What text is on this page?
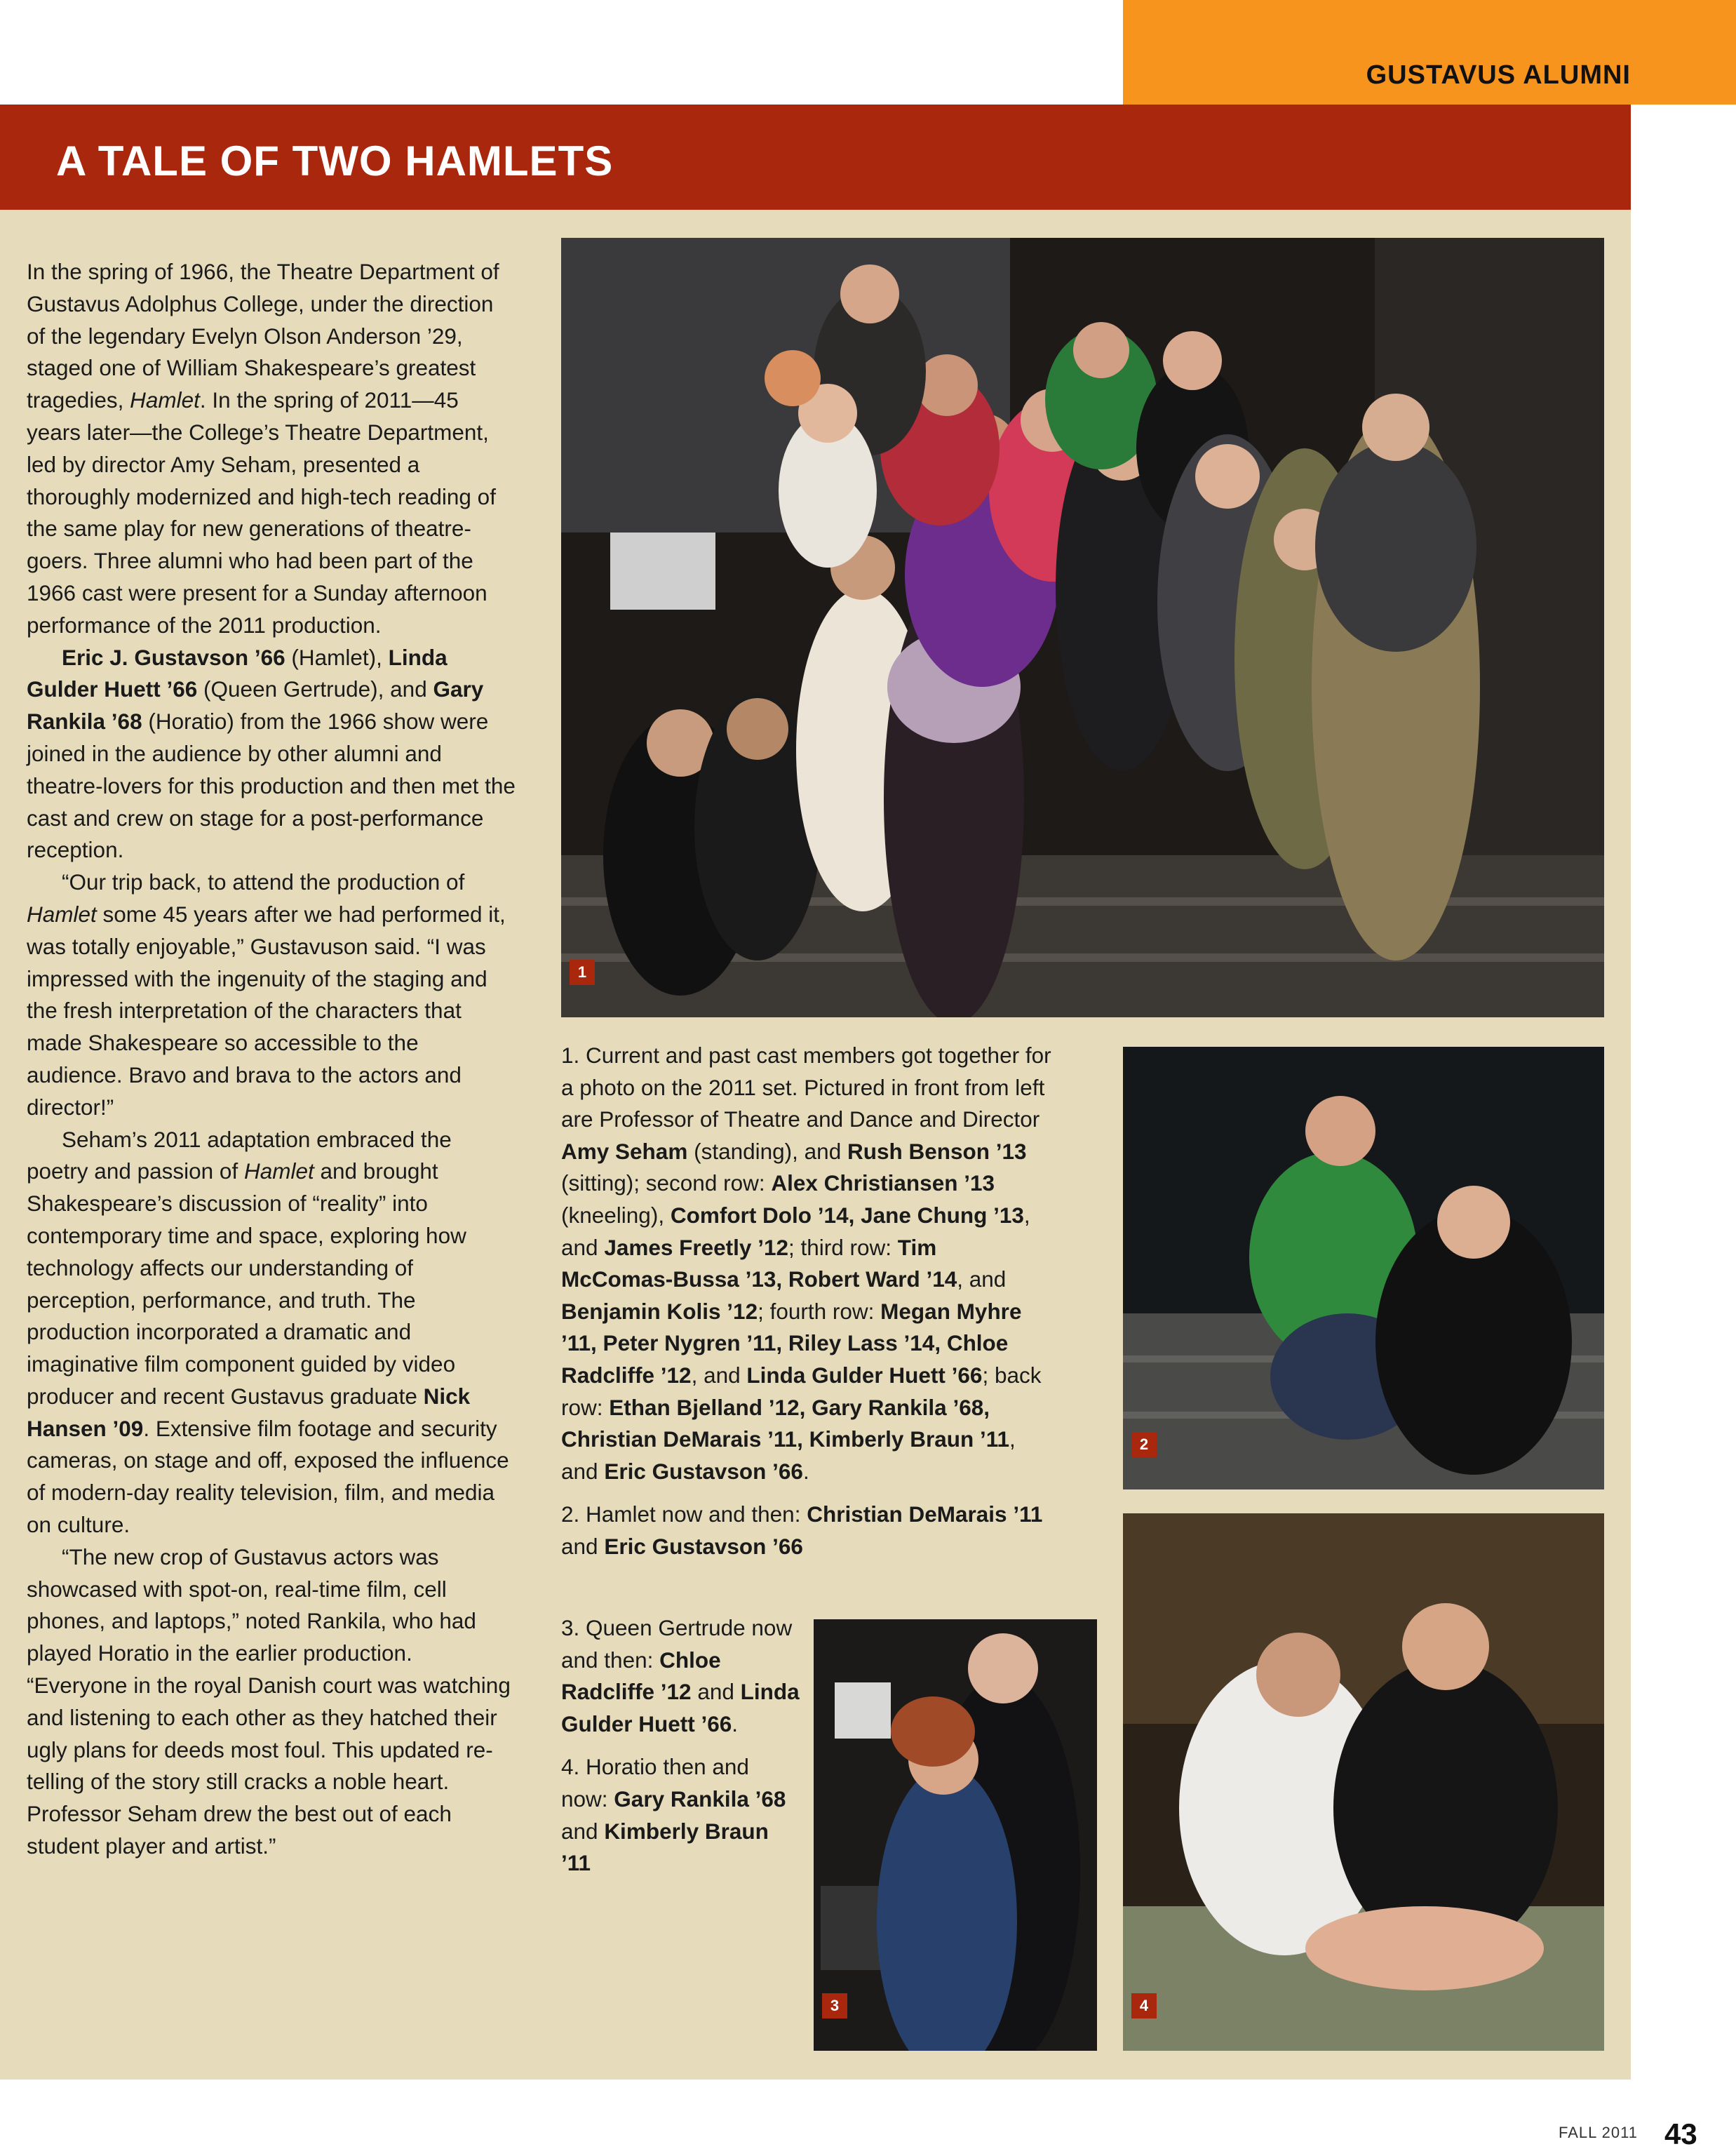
GUSTAVUS ALUMNI
A TALE OF TWO HAMLETS

In the spring of 1966, the Theatre Department of Gustavus Adolphus College, under the direction of the legendary Evelyn Olson Anderson ’29, staged one of William Shakespeare’s greatest tragedies, Hamlet. In the spring of 2011—45 years later—the College’s Theatre Department, led by director Amy Seham, presented a thoroughly modernized and high-tech reading of the same play for new generations of theatre-goers. Three alumni who had been part of the 1966 cast were present for a Sunday afternoon performance of the 2011 production.

Eric J. Gustavson ’66 (Hamlet), Linda Gulder Huett ’66 (Queen Gertrude), and Gary Rankila ’68 (Horatio) from the 1966 show were joined in the audience by other alumni and theatre-lovers for this production and then met the cast and crew on stage for a post-performance reception.

“Our trip back, to attend the production of Hamlet some 45 years after we had performed it, was totally enjoyable,” Gustavuson said. “I was impressed with the ingenuity of the staging and the fresh interpretation of the characters that made Shakespeare so accessible to the audience. Bravo and brava to the actors and director!”

Seham’s 2011 adaptation embraced the poetry and passion of Hamlet and brought Shakespeare’s discussion of “reality” into contemporary time and space, exploring how technology affects our understanding of perception, performance, and truth. The production incorporated a dramatic and imaginative film component guided by video producer and recent Gustavus graduate Nick Hansen ’09. Extensive film footage and security cameras, on stage and off, exposed the influence of modern-day reality television, film, and media on culture.

“The new crop of Gustavus actors was showcased with spot-on, real-time film, cell phones, and laptops,” noted Rankila, who had played Horatio in the earlier production. “Everyone in the royal Danish court was watching and listening to each other as they hatched their ugly plans for deeds most foul. This updated re-telling of the story still cracks a noble heart. Professor Seham drew the best out of each student player and artist.”

1
2
3	4

1. Current and past cast members got together for a photo on the 2011 set. Pictured in front from left are Professor of Theatre and Dance and Director Amy Seham (standing), and Rush Benson ’13 (sitting); second row: Alex Christiansen ’13 (kneeling), Comfort Dolo ’14, Jane Chung ’13, and James Freetly ’12; third row: Tim McComas-Bussa ’13, Robert Ward ’14, and Benjamin Kolis ’12; fourth row: Megan Myhre ’11, Peter Nygren ’11, Riley Lass ’14, Chloe Radcliffe ’12, and Linda Gulder Huett ’66; back row: Ethan Bjelland ’12, Gary Rankila ’68, Christian DeMarais ’11, Kimberly Braun ’11, and Eric Gustavson ’66.

2. Hamlet now and then: Christian DeMarais ’11 and Eric Gustavson ’66

3. Queen Gertrude now and then: Chloe Radcliffe ’12 and Linda Gulder Huett ’66.

4. Horatio then and now: Gary Rankila ’68 and Kimberly Braun ’11

FALL 2011 43
